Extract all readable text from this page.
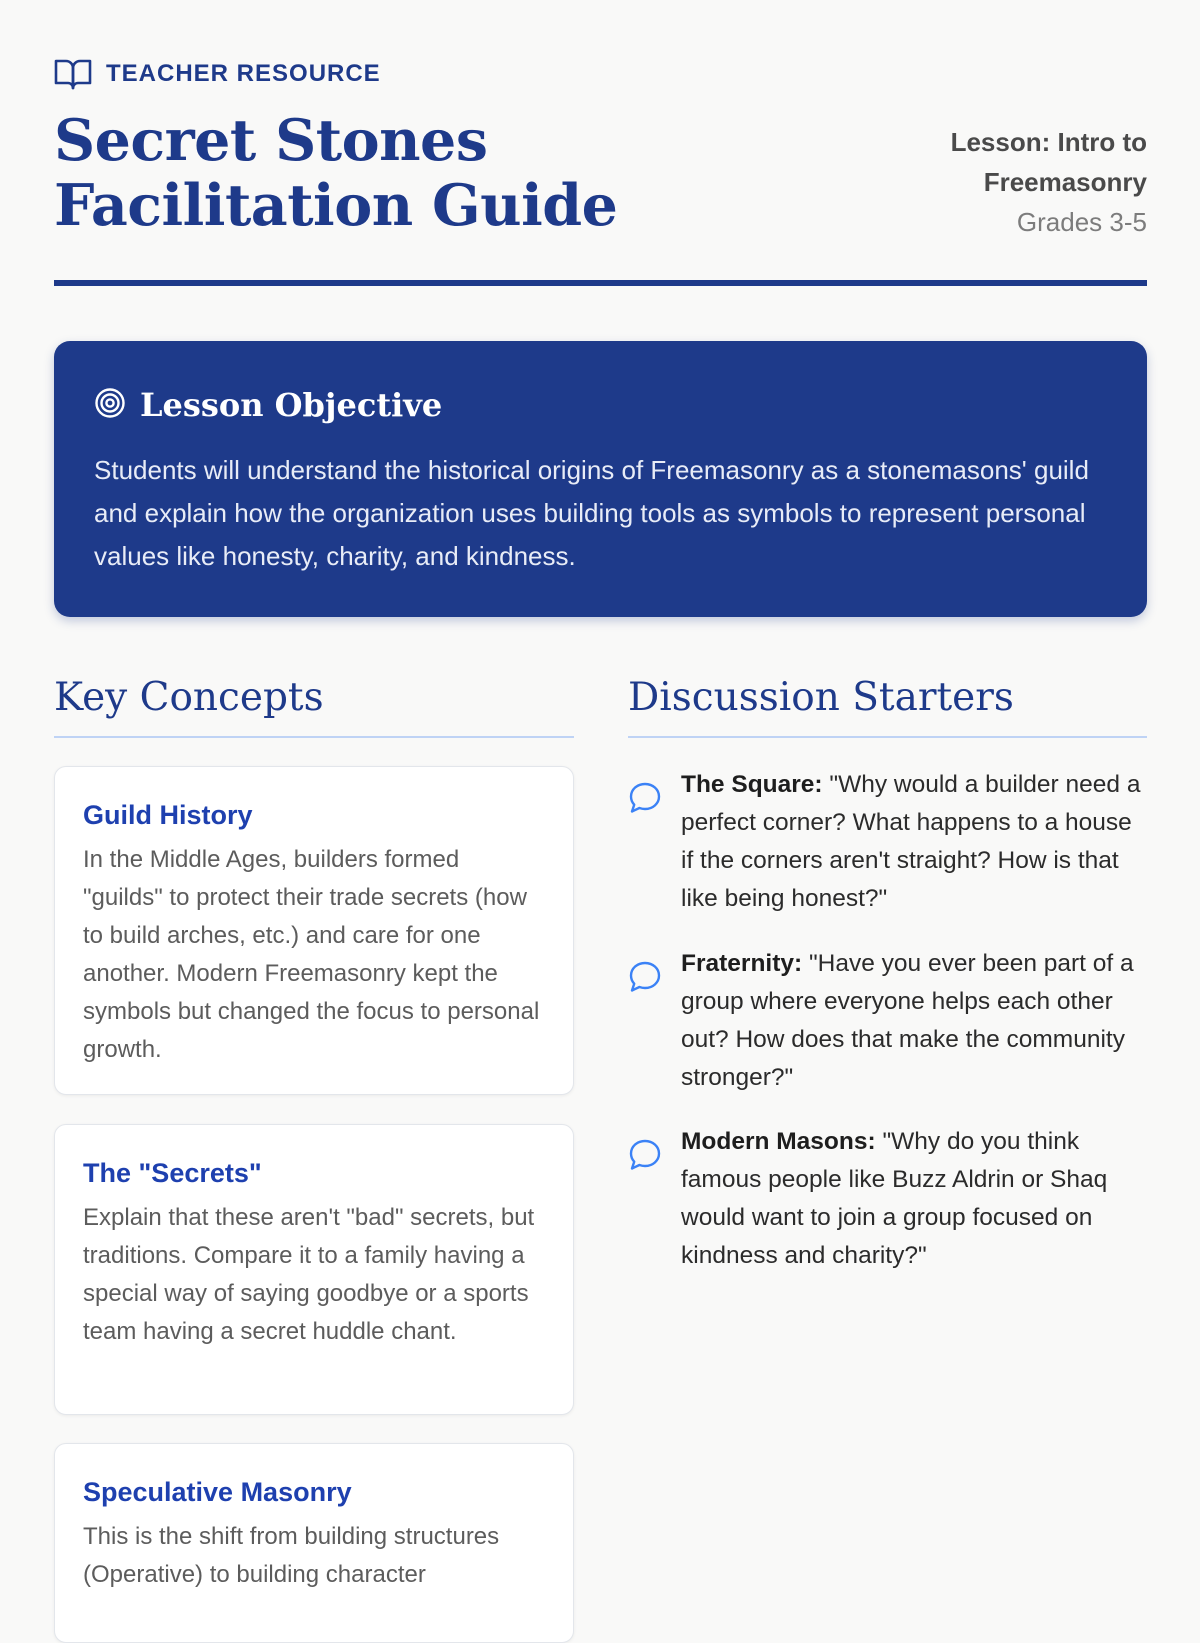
TEACHER RESOURCE
Secret Stones Facilitation Guide
Lesson: Intro to Freemasonry
Grades 3-5
Lesson Objective

Students will understand the historical origins of Freemasonry as a stonemasons' guild and explain how the organization uses building tools as symbols to represent personal values like honesty, charity, and kindness.

Key Concepts
Guild History

In the Middle Ages, builders formed "guilds" to protect their trade secrets (how to build arches, etc.) and care for one another. Modern Freemasonry kept the symbols but changed the focus to personal growth.

The "Secrets"

Explain that these aren't "bad" secrets, but traditions. Compare it to a family having a special way of saying goodbye or a sports team having a secret huddle chant.

Speculative Masonry

This is the shift from building structures (Operative) to building character

Discussion Starters
The Square: "Why would a builder need a perfect corner? What happens to a house if the corners aren't straight? How is that like being honest?"
Fraternity: "Have you ever been part of a group where everyone helps each other out? How does that make the community stronger?"
Modern Masons: "Why do you think famous people like Buzz Aldrin or Shaq would want to join a group focused on kindness and charity?"
